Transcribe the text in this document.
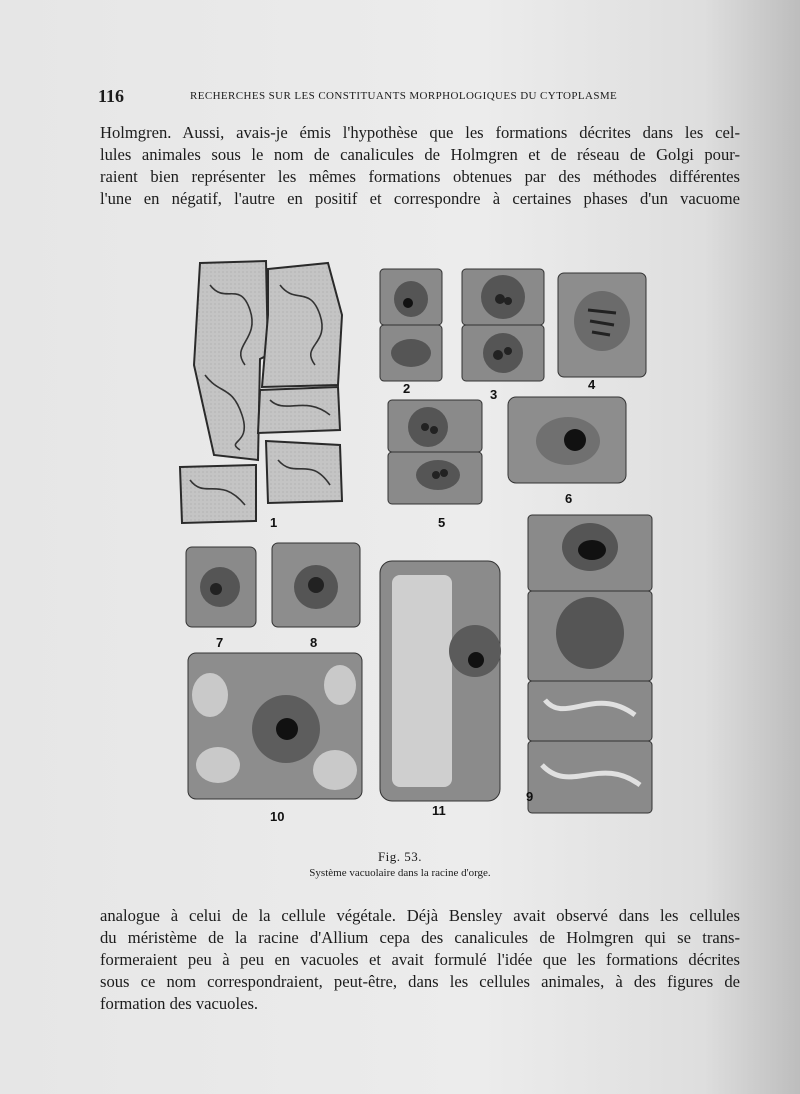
116	RECHERCHES SUR LES CONSTITUANTS MORPHOLOGIQUES DU CYTOPLASME

Holmgren. Aussi, avais-je émis l'hypothèse que les formations décrites dans les cel-
lules animales sous le nom de canalicules de Holmgren et de réseau de Golgi pour-
raient bien représenter les mêmes formations obtenues par des méthodes différentes
l'une en négatif, l'autre en positif et correspondre à certaines phases d'un vacuome

1
2	3
4
5
6
7	8
9
10	11
Fig. 53.
Système vacuolaire dans la racine d'orge.

analogue à celui de la cellule végétale. Déjà Bensley avait observé dans les cellules
du méristème de la racine d'Allium cepa des canalicules de Holmgren qui se trans-
formeraient peu à peu en vacuoles et avait formulé l'idée que les formations décrites
sous ce nom correspondraient, peut-être, dans les cellules animales, à des figures de
formation des vacuoles.
